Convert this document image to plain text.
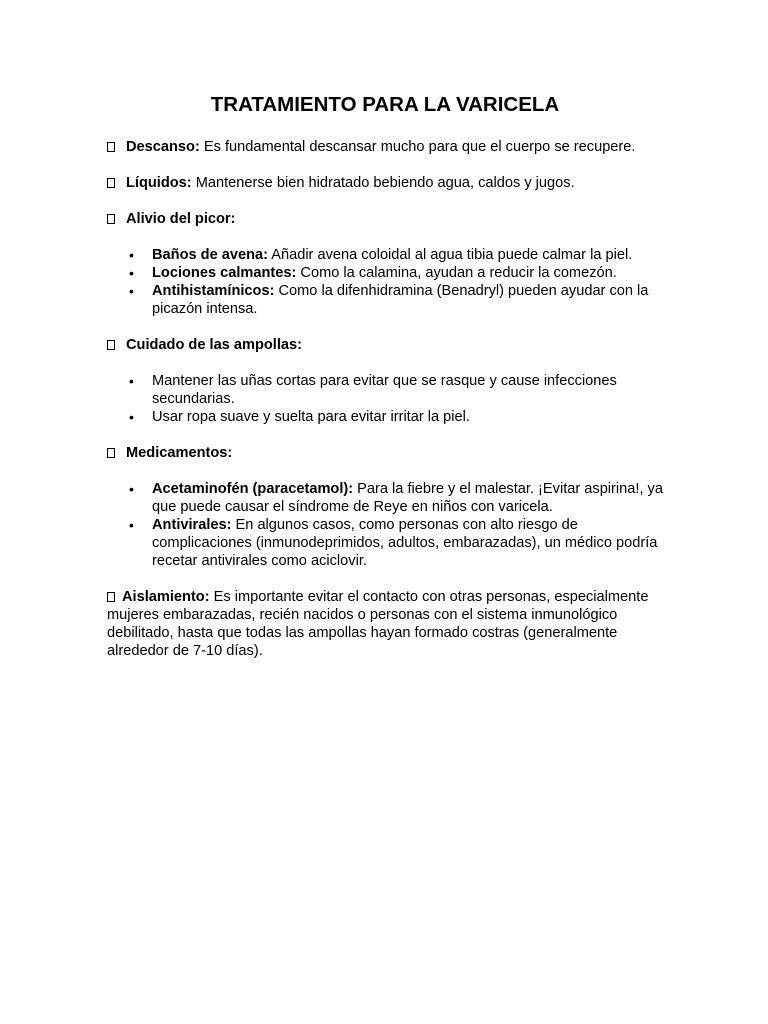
TRATAMIENTO PARA LA VARICELA
Descanso: Es fundamental descansar mucho para que el cuerpo se recupere.
Líquidos: Mantenerse bien hidratado bebiendo agua, caldos y jugos.
Alivio del picor:
• Baños de avena: Añadir avena coloidal al agua tibia puede calmar la piel.
• Lociones calmantes: Como la calamina, ayudan a reducir la comezón.
• Antihistamínicos: Como la difenhidramina (Benadryl) pueden ayudar con la picazón intensa.
Cuidado de las ampollas:
• Mantener las uñas cortas para evitar que se rasque y cause infecciones secundarias.
• Usar ropa suave y suelta para evitar irritar la piel.
Medicamentos:
• Acetaminofén (paracetamol): Para la fiebre y el malestar. ¡Evitar aspirina!, ya que puede causar el síndrome de Reye en niños con varicela.
• Antivirales: En algunos casos, como personas con alto riesgo de complicaciones (inmunodeprimidos, adultos, embarazadas), un médico podría recetar antivirales como aciclovir.
Aislamiento: Es importante evitar el contacto con otras personas, especialmente mujeres embarazadas, recién nacidos o personas con el sistema inmunológico debilitado, hasta que todas las ampollas hayan formado costras (generalmente alrededor de 7-10 días).
